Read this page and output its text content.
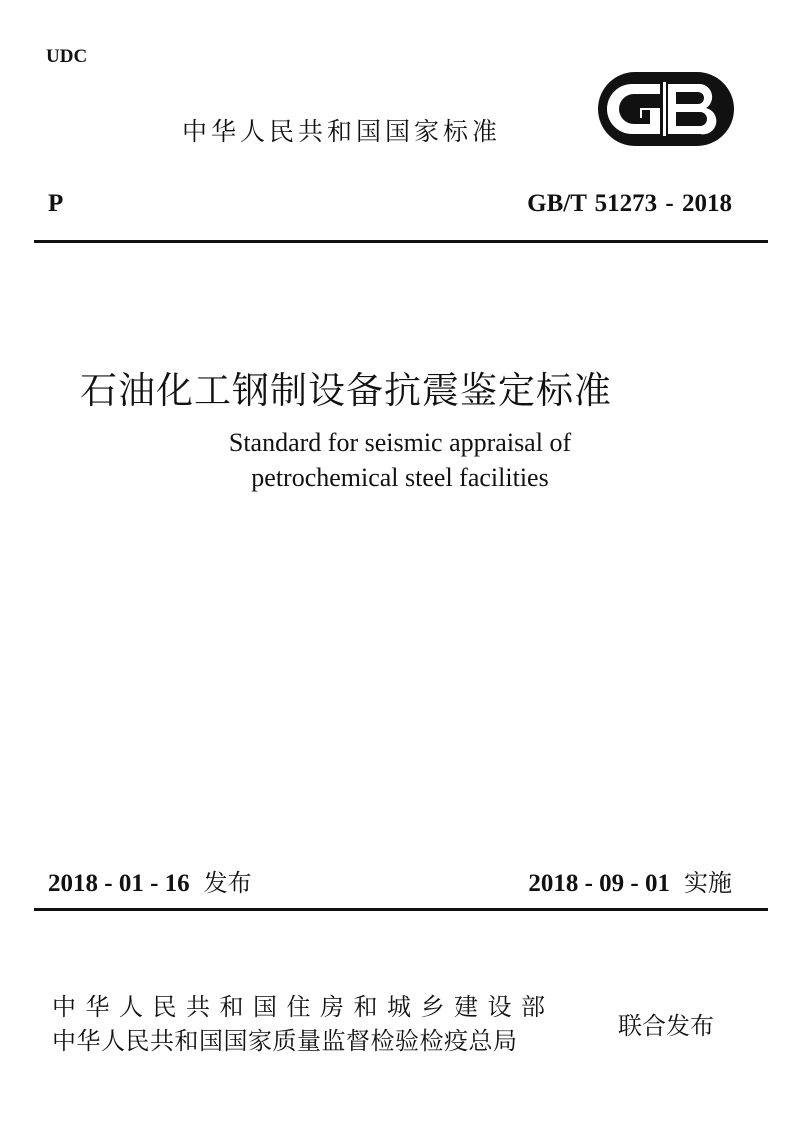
UDC
中华人民共和国国家标准
P	GB/T 51273 - 2018
石油化工钢制设备抗震鉴定标准
Standard for seismic appraisal of
petrochemical steel facilities
2018 - 01 - 16 发布	2018 - 09 - 01 实施
中华人民共和国住房和城乡建设部
中华人民共和国国家质量监督检验检疫总局
联合发布
